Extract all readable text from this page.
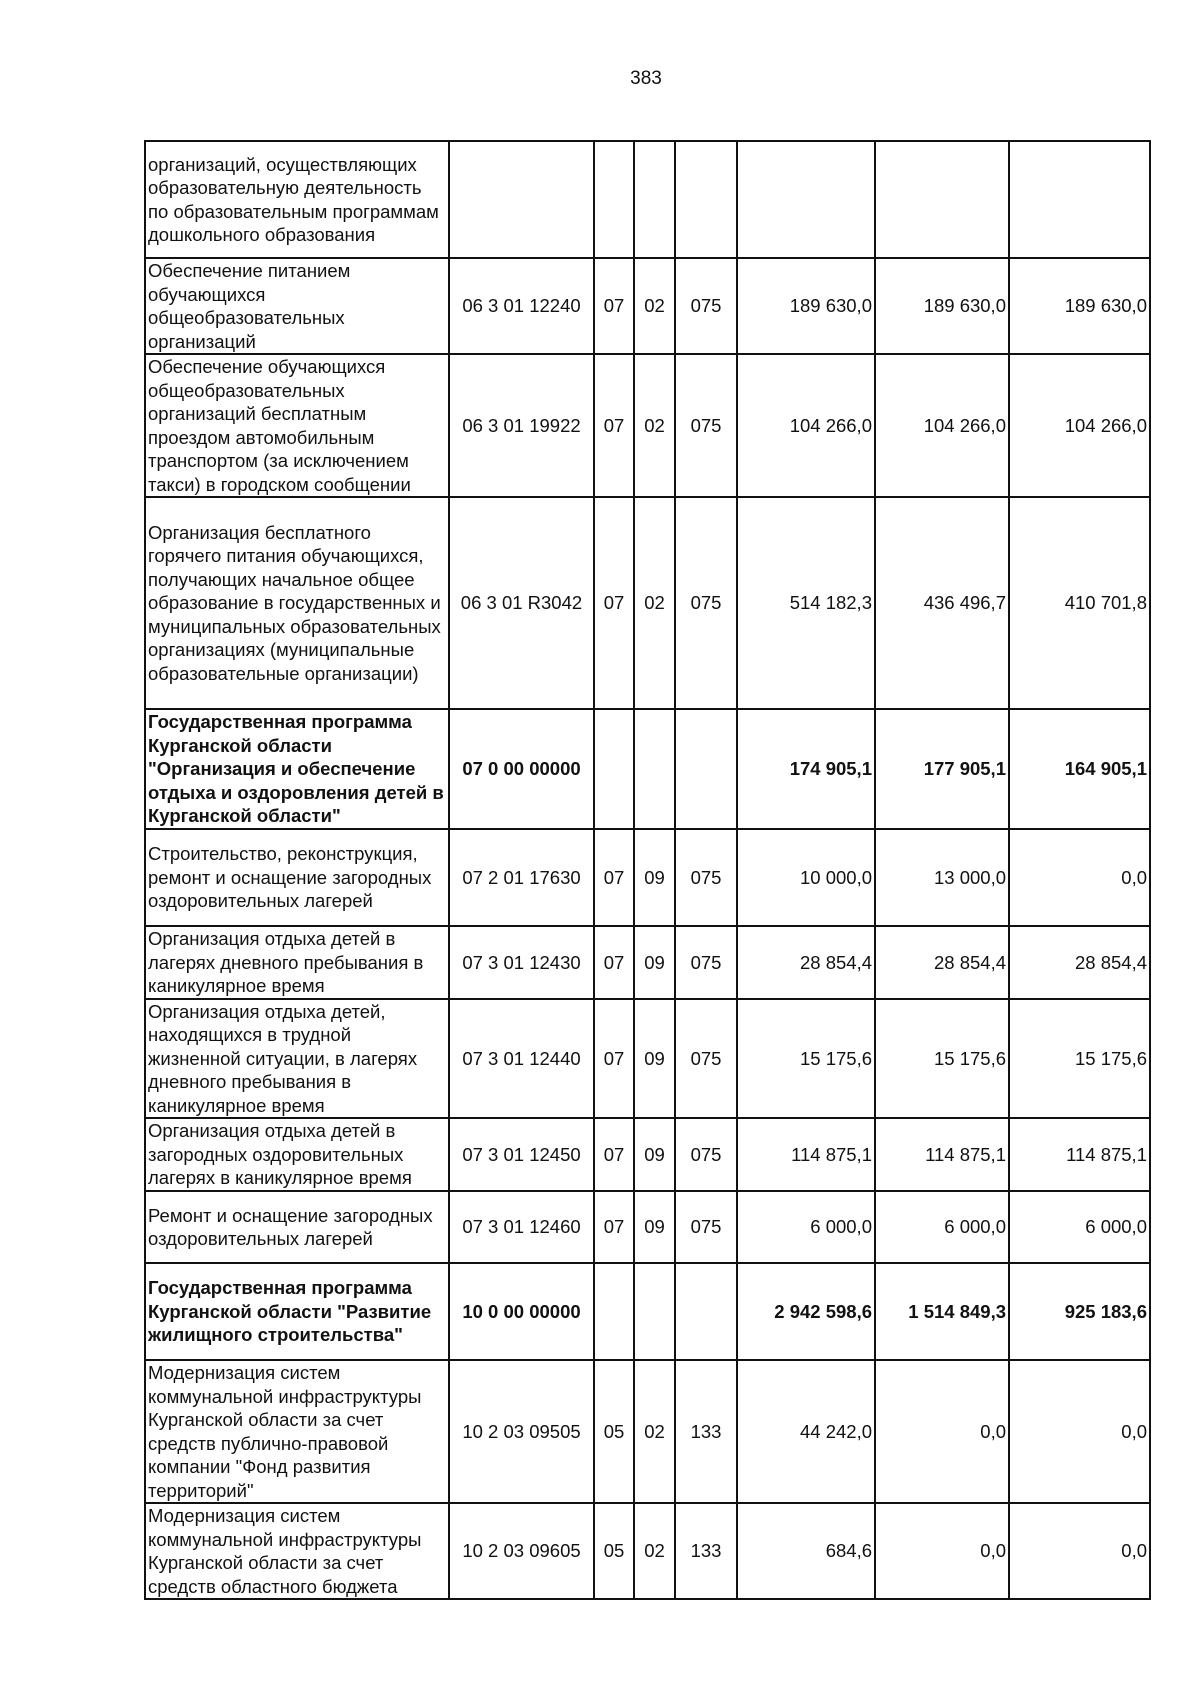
383
организаций, осуществляющих образовательную деятельность по образовательным программам дошкольного образования							
Обеспечение питанием обучающихся общеобразовательных организаций	06 3 01 12240	07	02	075	189 630,0	189 630,0	189 630,0
Обеспечение обучающихся общеобразовательных организаций бесплатным проездом автомобильным транспортом (за исключением такси) в городском сообщении	06 3 01 19922	07	02	075	104 266,0	104 266,0	104 266,0
Организация бесплатного горячего питания обучающихся, получающих начальное общее образование в государственных и муниципальных образовательных организациях (муниципальные образовательные организации)	06 3 01 R3042	07	02	075	514 182,3	436 496,7	410 701,8
Государственная программа Курганской области "Организация и обеспечение отдыха и оздоровления детей в Курганской области"	07 0 00 00000				174 905,1	177 905,1	164 905,1
Строительство, реконструкция, ремонт и оснащение загородных оздоровительных лагерей	07 2 01 17630	07	09	075	10 000,0	13 000,0	0,0
Организация отдыха детей в лагерях дневного пребывания в каникулярное время	07 3 01 12430	07	09	075	28 854,4	28 854,4	28 854,4
Организация отдыха детей, находящихся в трудной жизненной ситуации, в лагерях дневного пребывания в каникулярное время	07 3 01 12440	07	09	075	15 175,6	15 175,6	15 175,6
Организация отдыха детей в загородных оздоровительных лагерях в каникулярное время	07 3 01 12450	07	09	075	114 875,1	114 875,1	114 875,1
Ремонт и оснащение загородных оздоровительных лагерей	07 3 01 12460	07	09	075	6 000,0	6 000,0	6 000,0
Государственная программа Курганской области "Развитие жилищного строительства"	10 0 00 00000				2 942 598,6	1 514 849,3	925 183,6
Модернизация систем коммунальной инфраструктуры Курганской области за счет средств публично-правовой компании "Фонд развития территорий"	10 2 03 09505	05	02	133	44 242,0	0,0	0,0
Модернизация систем коммунальной инфраструктуры Курганской области за счет средств областного бюджета	10 2 03 09605	05	02	133	684,6	0,0	0,0
